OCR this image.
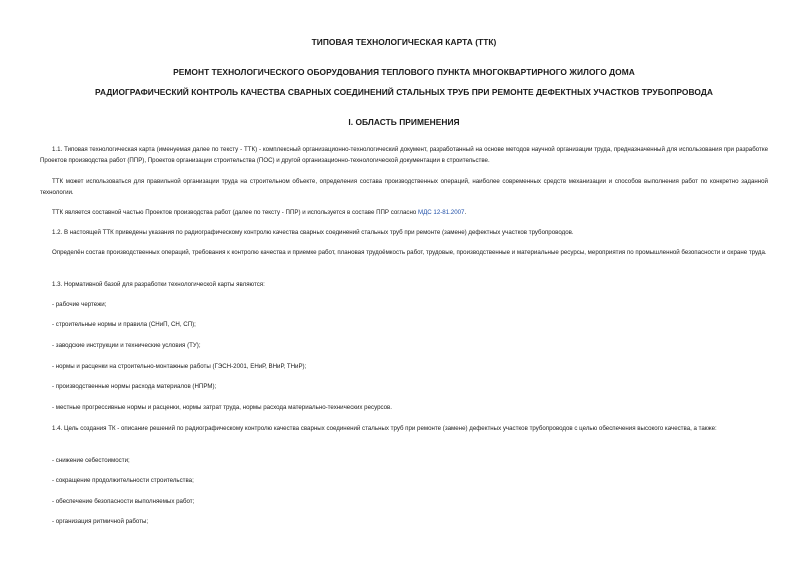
ТИПОВАЯ ТЕХНОЛОГИЧЕСКАЯ КАРТА (ТТК)
РЕМОНТ ТЕХНОЛОГИЧЕСКОГО ОБОРУДОВАНИЯ ТЕПЛОВОГО ПУНКТА МНОГОКВАРТИРНОГО ЖИЛОГО ДОМА
РАДИОГРАФИЧЕСКИЙ КОНТРОЛЬ КАЧЕСТВА СВАРНЫХ СОЕДИНЕНИЙ СТАЛЬНЫХ ТРУБ ПРИ РЕМОНТЕ ДЕФЕКТНЫХ УЧАСТКОВ ТРУБОПРОВОДА
I. ОБЛАСТЬ ПРИМЕНЕНИЯ

1.1. Типовая технологическая карта (именуемая далее по тексту - ТТК) - комплексный организационно-технологический документ, разработанный на основе методов научной организации труда, предназначенный для использования при разработке Проектов производства работ (ППР), Проектов организации строительства (ПОС) и другой организационно-технологической документации в строительстве.

ТТК может использоваться для правильной организации труда на строительном объекте, определения состава производственных операций, наиболее современных средств механизации и способов выполнения работ по конкретно заданной технологии.

ТТК является составной частью Проектов производства работ (далее по тексту - ППР) и используется в составе ППР согласно МДС 12-81.2007.

1.2. В настоящей ТТК приведены указания по радиографическому контролю качества сварных соединений стальных труб при ремонте (замене) дефектных участков трубопроводов.

Определён состав производственных операций, требования к контролю качества и приемке работ, плановая трудоёмкость работ, трудовые, производственные и материальные ресурсы, мероприятия по промышленной безопасности и охране труда.

1.3. Нормативной базой для разработки технологической карты являются:

- рабочие чертежи;
- строительные нормы и правила (СНиП, СН, СП);
- заводские инструкции и технические условия (ТУ);
- нормы и расценки на строительно-монтажные работы (ГЭСН-2001, ЕНиР, ВНиР, ТНиР);
- производственные нормы расхода материалов (НПРМ);
- местные прогрессивные нормы и расценки, нормы затрат труда, нормы расхода материально-технических ресурсов.

1.4. Цель создания ТК - описание решений по радиографическому контролю качества сварных соединений стальных труб при ремонте (замене) дефектных участков трубопроводов с целью обеспечения высокого качества, а также:

- снижение себестоимости;
- сокращение продолжительности строительства;
- обеспечение безопасности выполняемых работ;
- организация ритмичной работы;
